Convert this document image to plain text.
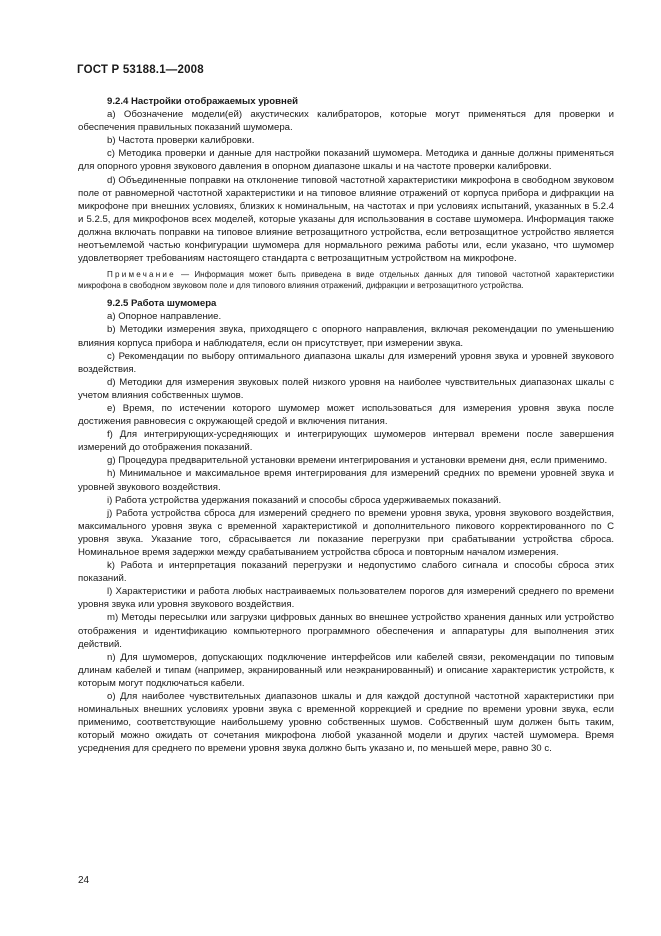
ГОСТ Р 53188.1—2008

9.2.4 Настройки отображаемых уровней

a) Обозначение модели(ей) акустических калибраторов, которые могут применяться для проверки и обеспечения правильных показаний шумомера.

b) Частота проверки калибровки.

c) Методика проверки и данные для настройки показаний шумомера. Методика и данные должны применяться для опорного уровня звукового давления в опорном диапазоне шкалы и на частоте проверки калибровки.

d) Объединенные поправки на отклонение типовой частотной характеристики микрофона в свободном звуковом поле от равномерной частотной характеристики и на типовое влияние отражений от корпуса прибора и дифракции на микрофоне при внешних условиях, близких к номинальным, на частотах и при условиях испытаний, указанных в 5.2.4 и 5.2.5, для микрофонов всех моделей, которые указаны для использования в составе шумомера. Информация также должна включать поправки на типовое влияние ветрозащитного устройства, если ветрозащитное устройство является неотъемлемой частью конфигурации шумомера для нормального режима работы или, если указано, что шумомер удовлетворяет требованиям настоящего стандарта с ветрозащитным устройством на микрофоне.

Примечание — Информация может быть приведена в виде отдельных данных для типовой частотной характеристики микрофона в свободном звуковом поле и для типового влияния отражений, дифракции и ветрозащитного устройства.

9.2.5 Работа шумомера

a) Опорное направление.

b) Методики измерения звука, приходящего с опорного направления, включая рекомендации по уменьшению влияния корпуса прибора и наблюдателя, если он присутствует, при измерении звука.

c) Рекомендации по выбору оптимального диапазона шкалы для измерений уровня звука и уровней звукового воздействия.

d) Методики для измерения звуковых полей низкого уровня на наиболее чувствительных диапазонах шкалы с учетом влияния собственных шумов.

e) Время, по истечении которого шумомер может использоваться для измерения уровня звука после достижения равновесия с окружающей средой и включения питания.

f) Для интегрирующих-усредняющих и интегрирующих шумомеров интервал времени после завершения измерений до отображения показаний.

g) Процедура предварительной установки времени интегрирования и установки времени дня, если применимо.

h) Минимальное и максимальное время интегрирования для измерений средних по времени уровней звука и уровней звукового воздействия.

i) Работа устройства удержания показаний и способы сброса удерживаемых показаний.

j) Работа устройства сброса для измерений среднего по времени уровня звука, уровня звукового воздействия, максимального уровня звука с временной характеристикой и дополнительного пикового корректированного по C уровня звука. Указание того, сбрасывается ли показание перегрузки при срабатывании устройства сброса. Номинальное время задержки между срабатыванием устройства сброса и повторным началом измерения.

k) Работа и интерпретация показаний перегрузки и недопустимо слабого сигнала и способы сброса этих показаний.

l) Характеристики и работа любых настраиваемых пользователем порогов для измерений среднего по времени уровня звука или уровня звукового воздействия.

m) Методы пересылки или загрузки цифровых данных во внешнее устройство хранения данных или устройство отображения и идентификацию компьютерного программного обеспечения и аппаратуры для выполнения этих действий.

n) Для шумомеров, допускающих подключение интерфейсов или кабелей связи, рекомендации по типовым длинам кабелей и типам (например, экранированный или неэкранированный) и описание характеристик устройств, к которым могут подключаться кабели.

o) Для наиболее чувствительных диапазонов шкалы и для каждой доступной частотной характеристики при номинальных внешних условиях уровни звука с временной коррекцией и средние по времени уровни звука, если применимо, соответствующие наибольшему уровню собственных шумов. Собственный шум должен быть таким, который можно ожидать от сочетания микрофона любой указанной модели и других частей шумомера. Время усреднения для среднего по времени уровня звука должно быть указано и, по меньшей мере, равно 30 с.

24
